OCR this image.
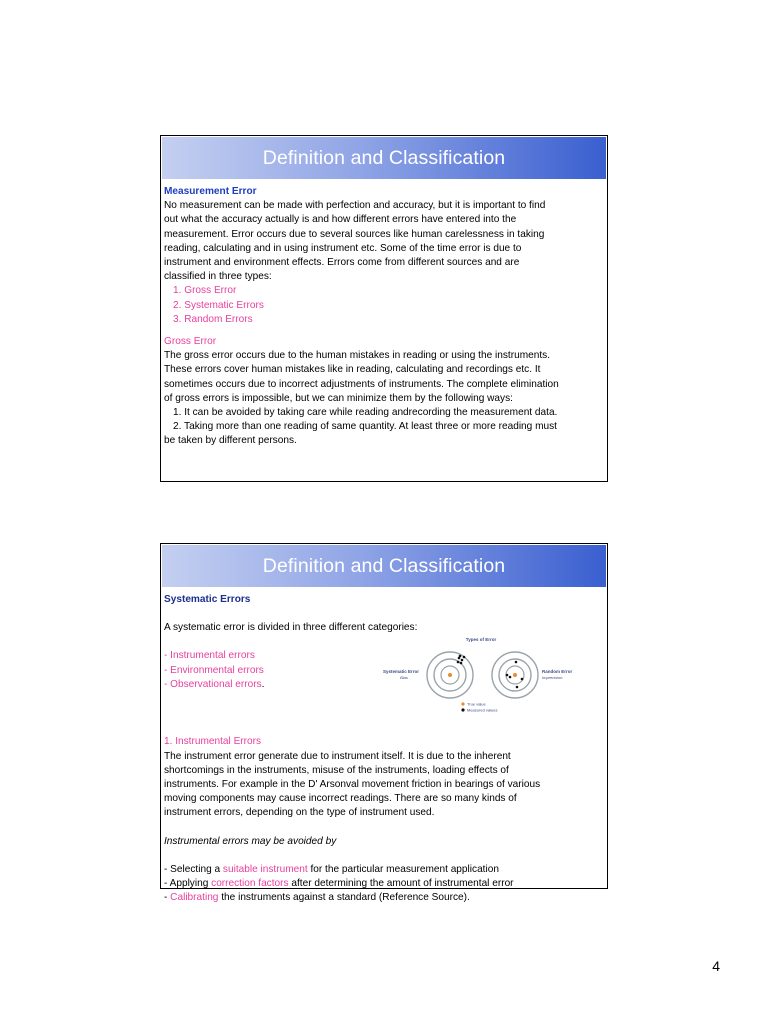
Definition and Classification
Measurement Error
No measurement can be made with perfection and accuracy, but it is important to find
out what the accuracy actually is and how different errors have entered into the
measurement. Error occurs due to several sources like human carelessness in taking
reading, calculating and in using instrument etc. Some of the time error is due to
instrument and environment effects. Errors come from different sources and are
classified in three types:
1. Gross Error
2. Systematic Errors
3. Random Errors
Gross Error
The gross error occurs due to the human mistakes in reading or using the instruments.
These errors cover human mistakes like in reading, calculating and recordings etc. It
sometimes occurs due to incorrect adjustments of instruments. The complete elimination
of gross errors is impossible, but we can minimize them by the following ways:
1. It can be avoided by taking care while reading andrecording the measurement data.
2. Taking more than one reading of same quantity. At least three or more reading must
be taken by different persons.
Definition and Classification
Systematic Errors
A systematic error is divided in three different categories:
- Instrumental errors
- Environmental errors
- Observational errors.
Types of Error
Systematic Error
Bias
Random Error
Imprecision
True value
Measured values
1. Instrumental Errors
The instrument error generate due to instrument itself. It is due to the inherent
shortcomings in the instruments, misuse of the instruments, loading effects of
instruments. For example in the D' Arsonval movement friction in bearings of various
moving components may cause incorrect readings. There are so many kinds of
instrument errors, depending on the type of instrument used.
Instrumental errors may be avoided by
- Selecting a suitable instrument for the particular measurement application
- Applying correction factors after determining the amount of instrumental error
- Calibrating the instruments against a standard (Reference Source).
4
